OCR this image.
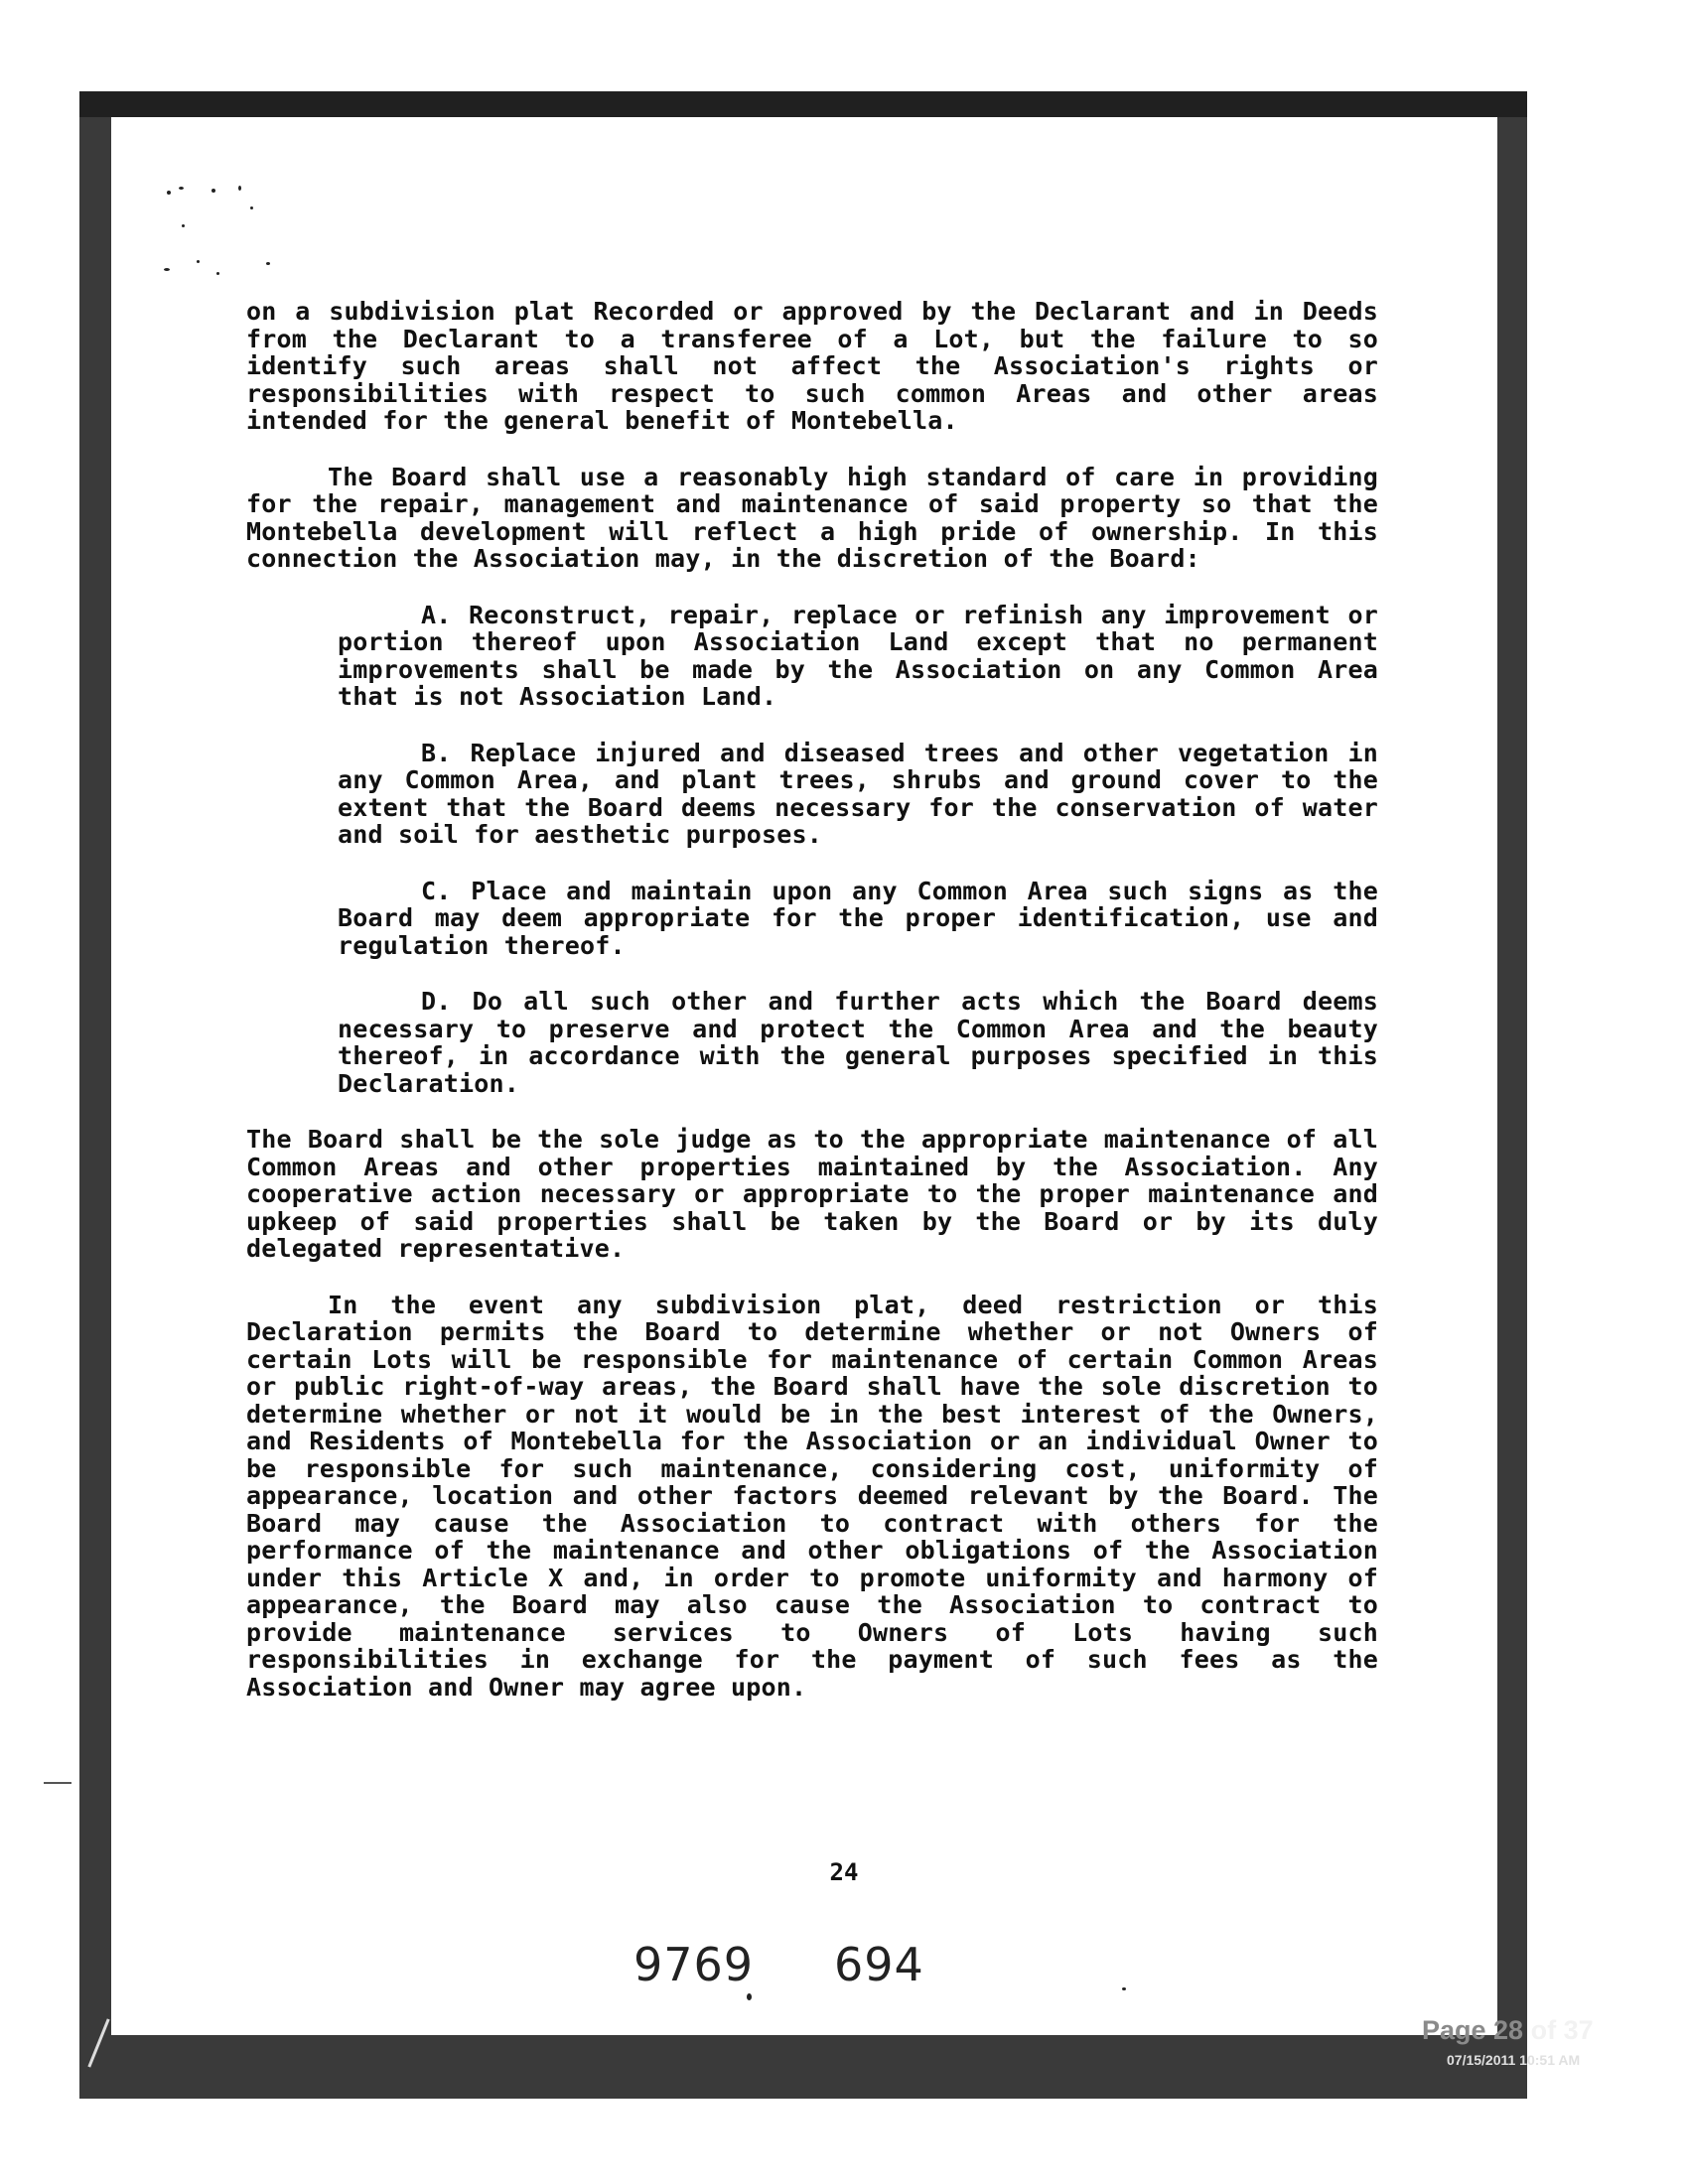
on a subdivision plat Recorded or approved by the Declarant and in Deeds from the Declarant to a transferee of a Lot, but the failure to so identify such areas shall not affect the Association's rights or responsibilities with respect to such common Areas and other areas intended for the general benefit of Montebella.

The Board shall use a reasonably high standard of care in providing for the repair, management and maintenance of said property so that the Montebella development will reflect a high pride of ownership. In this connection the Association may, in the discretion of the Board:

A. Reconstruct, repair, replace or refinish any improvement or portion thereof upon Association Land except that no permanent improvements shall be made by the Association on any Common Area that is not Association Land.

B. Replace injured and diseased trees and other vegetation in any Common Area, and plant trees, shrubs and ground cover to the extent that the Board deems necessary for the conservation of water and soil for aesthetic purposes.

C. Place and maintain upon any Common Area such signs as the Board may deem appropriate for the proper identification, use and regulation thereof.

D. Do all such other and further acts which the Board deems necessary to preserve and protect the Common Area and the beauty thereof, in accordance with the general purposes specified in this Declaration.

The Board shall be the sole judge as to the appropriate maintenance of all Common Areas and other properties maintained by the Association. Any cooperative action necessary or appropriate to the proper maintenance and upkeep of said properties shall be taken by the Board or by its duly delegated representative.

In the event any subdivision plat, deed restriction or this Declaration permits the Board to determine whether or not Owners of certain Lots will be responsible for maintenance of certain Common Areas or public right-of-way areas, the Board shall have the sole discretion to determine whether or not it would be in the best interest of the Owners, and Residents of Montebella for the Association or an individual Owner to be responsible for such maintenance, considering cost, uniformity of appearance, location and other factors deemed relevant by the Board. The Board may cause the Association to contract with others for the performance of the maintenance and other obligations of the Association under this Article X and, in order to promote uniformity and harmony of appearance, the Board may also cause the Association to contract to provide maintenance services to Owners of Lots having such responsibilities in exchange for the payment of such fees as the Association and Owner may agree upon.

24
9769 694
Page 28 of 37
07/15/2011 10:51 AM
